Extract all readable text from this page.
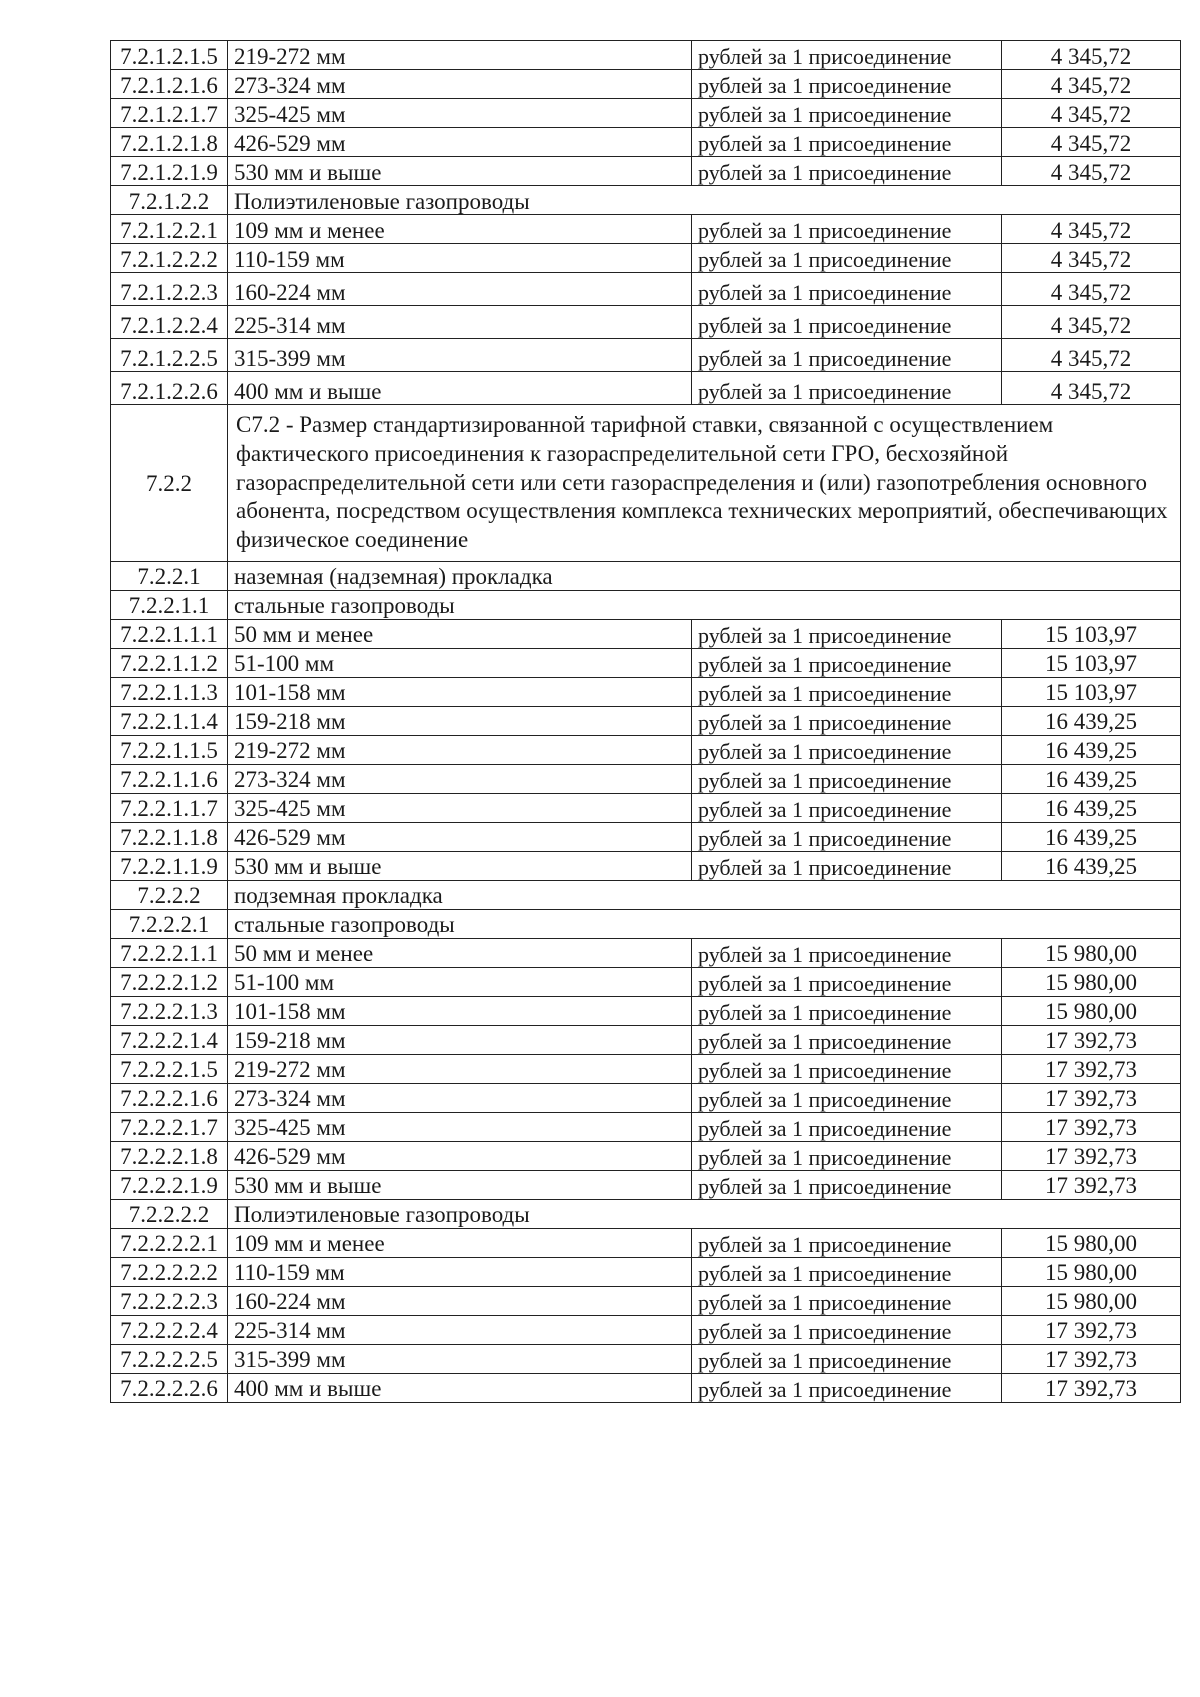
7.2.1.2.1.5	219-272 мм	рублей за 1 присоединение	4 345,72
7.2.1.2.1.6	273-324 мм	рублей за 1 присоединение	4 345,72
7.2.1.2.1.7	325-425 мм	рублей за 1 присоединение	4 345,72
7.2.1.2.1.8	426-529 мм	рублей за 1 присоединение	4 345,72
7.2.1.2.1.9	530 мм и выше	рублей за 1 присоединение	4 345,72
7.2.1.2.2	Полиэтиленовые газопроводы		
7.2.1.2.2.1	109 мм и менее	рублей за 1 присоединение	4 345,72
7.2.1.2.2.2	110-159 мм	рублей за 1 присоединение	4 345,72
7.2.1.2.2.3	160-224 мм	рублей за 1 присоединение	4 345,72
7.2.1.2.2.4	225-314 мм	рублей за 1 присоединение	4 345,72
7.2.1.2.2.5	315-399 мм	рублей за 1 присоединение	4 345,72
7.2.1.2.2.6	400 мм и выше	рублей за 1 присоединение	4 345,72
7.2.2	С7.2 - Размер стандартизированной тарифной ставки, связанной с осуществлением фактического присоединения к газораспределительной сети ГРО, бесхозяйной газораспределительной сети или сети газораспределения и (или) газопотребления основного абонента, посредством осуществления комплекса технических мероприятий, обеспечивающих физическое соединение		
7.2.2.1	наземная (надземная) прокладка		
7.2.2.1.1	стальные газопроводы		
7.2.2.1.1.1	50 мм и менее	рублей за 1 присоединение	15 103,97
7.2.2.1.1.2	51-100 мм	рублей за 1 присоединение	15 103,97
7.2.2.1.1.3	101-158 мм	рублей за 1 присоединение	15 103,97
7.2.2.1.1.4	159-218 мм	рублей за 1 присоединение	16 439,25
7.2.2.1.1.5	219-272 мм	рублей за 1 присоединение	16 439,25
7.2.2.1.1.6	273-324 мм	рублей за 1 присоединение	16 439,25
7.2.2.1.1.7	325-425 мм	рублей за 1 присоединение	16 439,25
7.2.2.1.1.8	426-529 мм	рублей за 1 присоединение	16 439,25
7.2.2.1.1.9	530 мм и выше	рублей за 1 присоединение	16 439,25
7.2.2.2	подземная прокладка		
7.2.2.2.1	стальные газопроводы		
7.2.2.2.1.1	50 мм и менее	рублей за 1 присоединение	15 980,00
7.2.2.2.1.2	51-100 мм	рублей за 1 присоединение	15 980,00
7.2.2.2.1.3	101-158 мм	рублей за 1 присоединение	15 980,00
7.2.2.2.1.4	159-218 мм	рублей за 1 присоединение	17 392,73
7.2.2.2.1.5	219-272 мм	рублей за 1 присоединение	17 392,73
7.2.2.2.1.6	273-324 мм	рублей за 1 присоединение	17 392,73
7.2.2.2.1.7	325-425 мм	рублей за 1 присоединение	17 392,73
7.2.2.2.1.8	426-529 мм	рублей за 1 присоединение	17 392,73
7.2.2.2.1.9	530 мм и выше	рублей за 1 присоединение	17 392,73
7.2.2.2.2	Полиэтиленовые газопроводы		
7.2.2.2.2.1	109 мм и менее	рублей за 1 присоединение	15 980,00
7.2.2.2.2.2	110-159 мм	рублей за 1 присоединение	15 980,00
7.2.2.2.2.3	160-224 мм	рублей за 1 присоединение	15 980,00
7.2.2.2.2.4	225-314 мм	рублей за 1 присоединение	17 392,73
7.2.2.2.2.5	315-399 мм	рублей за 1 присоединение	17 392,73
7.2.2.2.2.6	400 мм и выше	рублей за 1 присоединение	17 392,73
